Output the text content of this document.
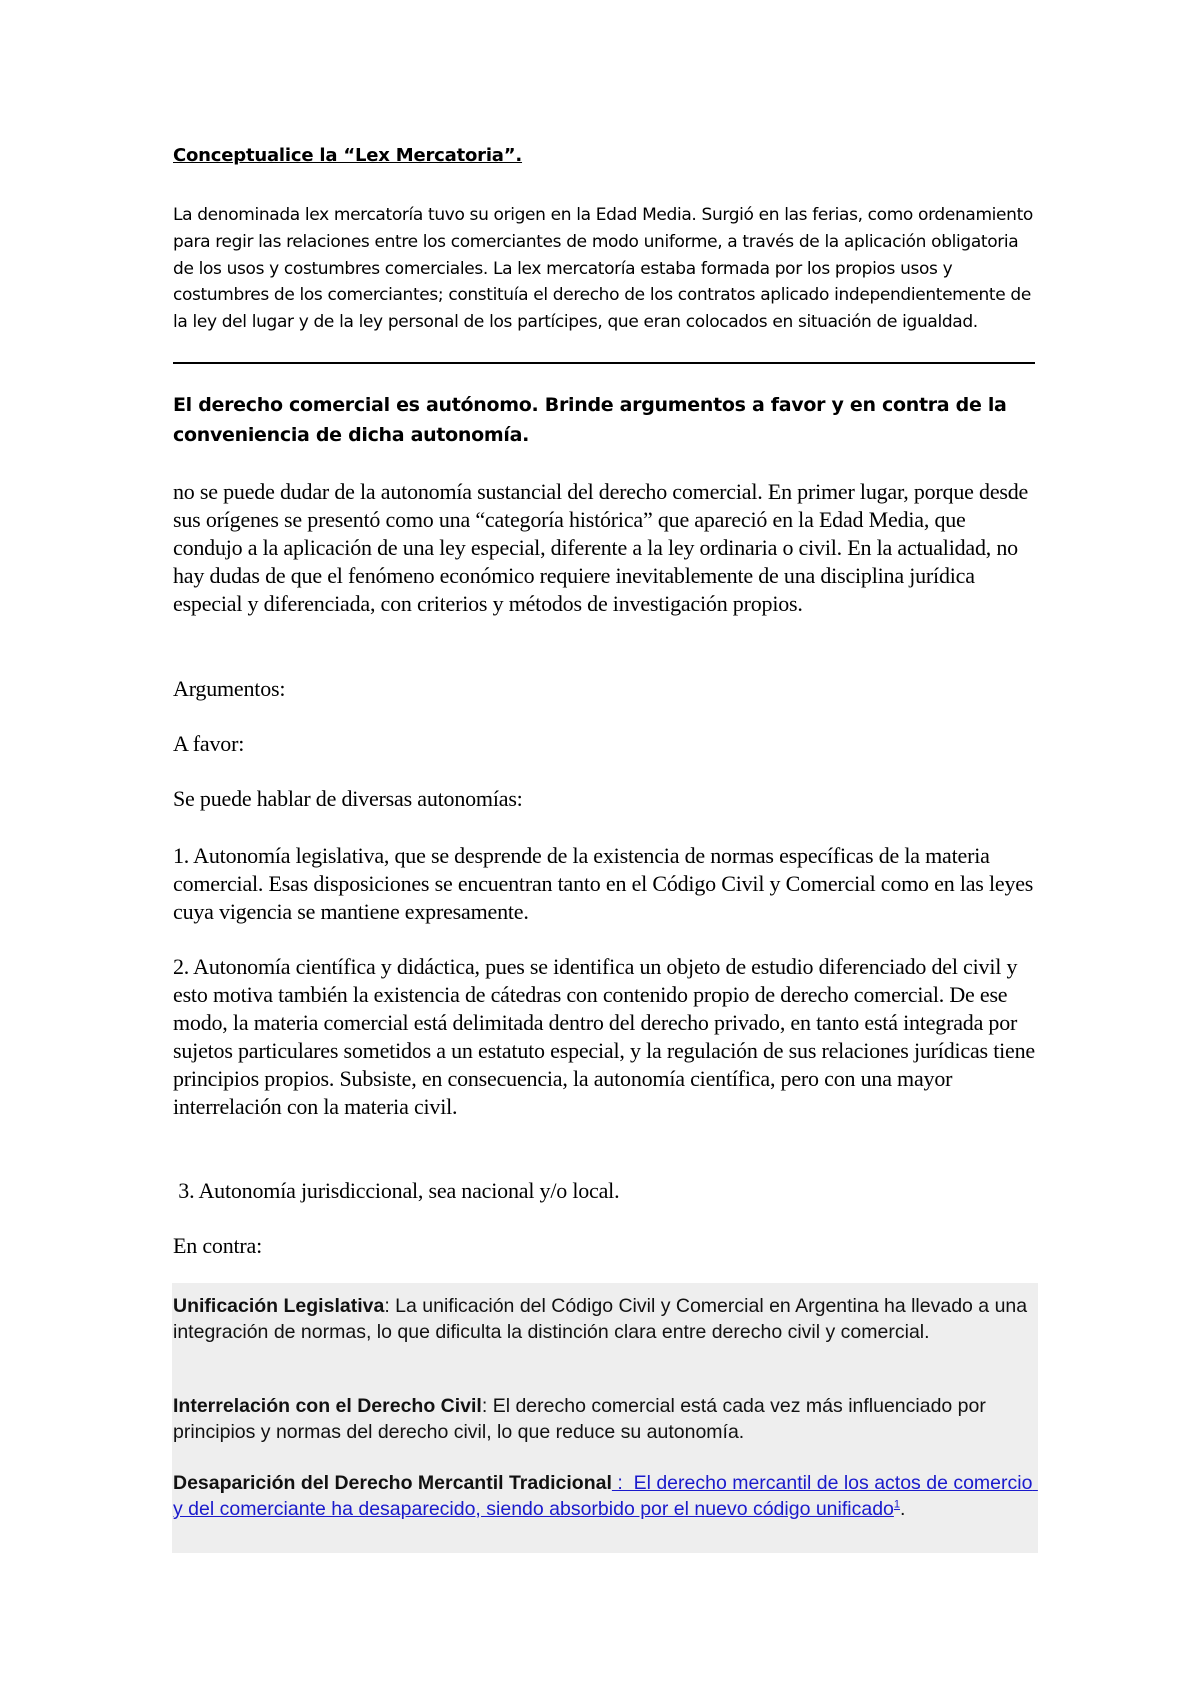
Conceptualice la “Lex Mercatoria”.
La denominada lex mercatoría tuvo su origen en la Edad Media. Surgió en las ferias, como ordenamiento para regir las relaciones entre los comerciantes de modo uniforme, a través de la aplicación obligatoria de los usos y costumbres comerciales. La lex mercatoría estaba formada por los propios usos y costumbres de los comerciantes; constituía el derecho de los contratos aplicado independientemente de la ley del lugar y de la ley personal de los partícipes, que eran colocados en situación de igualdad.
El derecho comercial es autónomo. Brinde argumentos a favor y en contra de la conveniencia de dicha autonomía.
no se puede dudar de la autonomía sustancial del derecho comercial. En primer lugar, porque desde sus orígenes se presentó como una “categoría histórica” que apareció en la Edad Media, que condujo a la aplicación de una ley especial, diferente a la ley ordinaria o civil. En la actualidad, no hay dudas de que el fenómeno económico requiere inevitablemente de una disciplina jurídica especial y diferenciada, con criterios y métodos de investigación propios.
Argumentos:
A favor:
Se puede hablar de diversas autonomías:
1. Autonomía legislativa, que se desprende de la existencia de normas específicas de la materia comercial. Esas disposiciones se encuentran tanto en el Código Civil y Comercial como en las leyes cuya vigencia se mantiene expresamente.
2. Autonomía científica y didáctica, pues se identifica un objeto de estudio diferenciado del civil y esto motiva también la existencia de cátedras con contenido propio de derecho comercial. De ese modo, la materia comercial está delimitada dentro del derecho privado, en tanto está integrada por sujetos particulares sometidos a un estatuto especial, y la regulación de sus relaciones jurídicas tiene principios propios. Subsiste, en consecuencia, la autonomía científica, pero con una mayor interrelación con la materia civil.
3. Autonomía jurisdiccional, sea nacional y/o local.
En contra:
Unificación Legislativa: La unificación del Código Civil y Comercial en Argentina ha llevado a una integración de normas, lo que dificulta la distinción clara entre derecho civil y comercial.
Interrelación con el Derecho Civil: El derecho comercial está cada vez más influenciado por principios y normas del derecho civil, lo que reduce su autonomía.
Desaparición del Derecho Mercantil Tradicional :  El derecho mercantil de los actos de comercio y del comerciante ha desaparecido, siendo absorbido por el nuevo código unificado$^1$.
